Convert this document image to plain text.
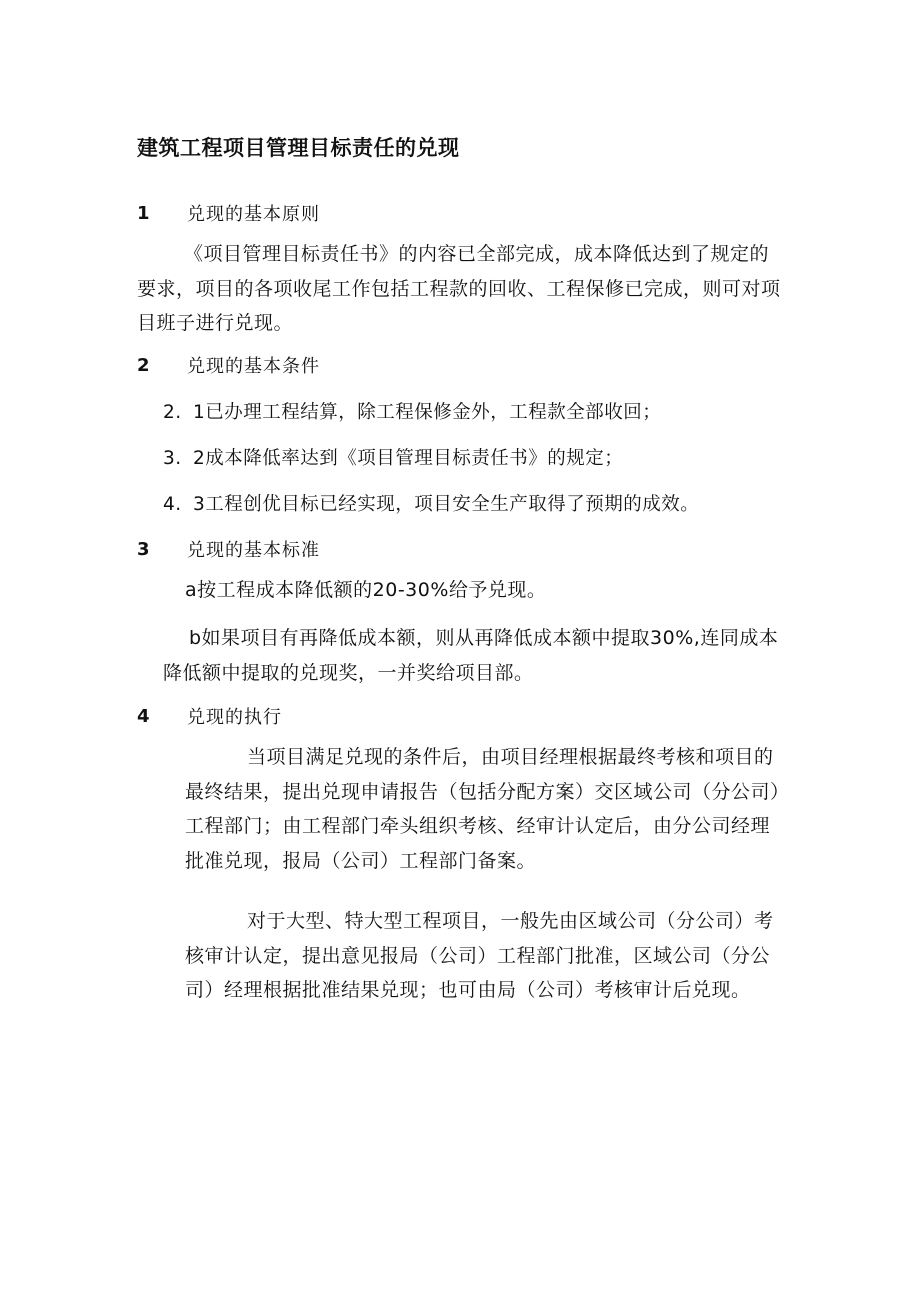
建筑工程项目管理目标责任的兑现
1	兑现的基本原则

《项目管理目标责任书》的内容已全部完成，成本降低达到了规定的要求，项目的各项收尾工作包括工程款的回收、工程保修已完成，则可对项目班子进行兑现。

2	兑现的基本条件
2. 1已办理工程结算，除工程保修金外，工程款全部收回；
3. 2成本降低率达到《项目管理目标责任书》的规定；
4. 3工程创优目标已经实现，项目安全生产取得了预期的成效。
3	兑现的基本标准

a按工程成本降低额的20-30%给予兑现。

b如果项目有再降低成本额，则从再降低成本额中提取30%,连同成本降低额中提取的兑现奖，一并奖给项目部。

4	兑现的执行

当项目满足兑现的条件后，由项目经理根据最终考核和项目的最终结果，提出兑现申请报告（包括分配方案）交区域公司（分公司）工程部门；由工程部门牵头组织考核、经审计认定后，由分公司经理批准兑现，报局（公司）工程部门备案。

对于大型、特大型工程项目，一般先由区域公司（分公司）考核审计认定，提出意见报局（公司）工程部门批准，区域公司（分公司）经理根据批准结果兑现；也可由局（公司）考核审计后兑现。
